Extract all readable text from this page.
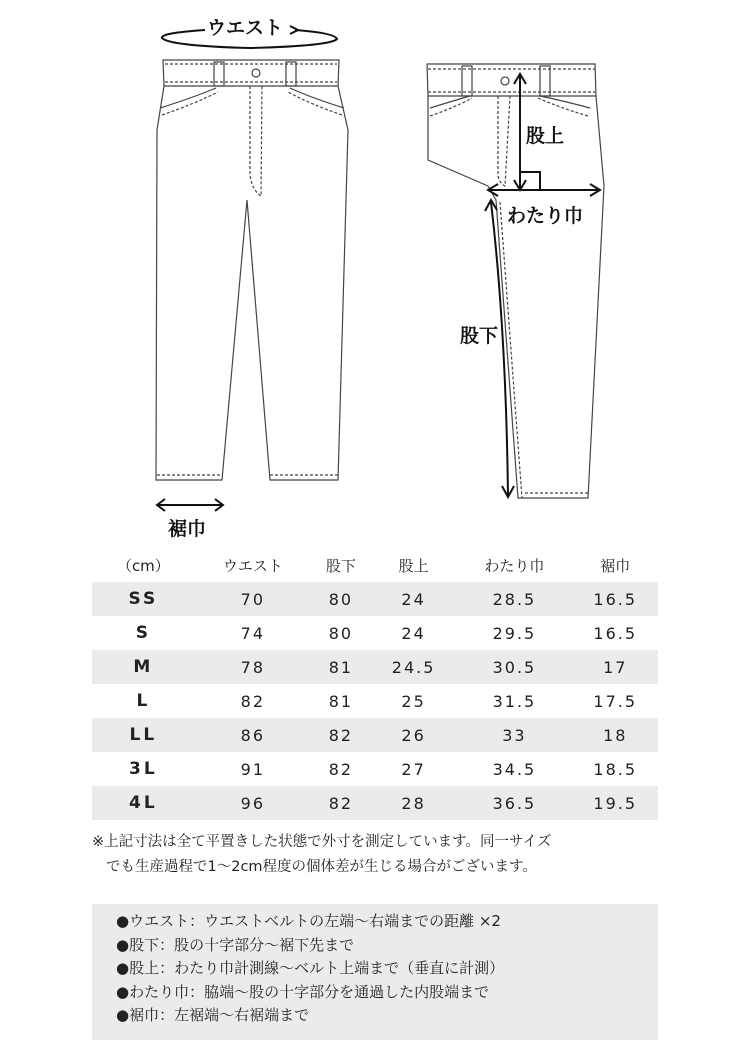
ウエスト
股上
わたり巾
股下
裾巾
（cm）	ウエスト	股下	股上	わたり巾	裾巾
SS	70	80	24	28.5	16.5
S	74	80	24	29.5	16.5
M	78	81	24.5	30.5	17
L	82	81	25	31.5	17.5
LL	86	82	26	33	18
3L	91	82	27	34.5	18.5
4L	96	82	28	36.5	19.5
※上記寸法は全て平置きした状態で外寸を測定しています。同一サイズ
でも生産過程で1〜2cm程度の個体差が生じる場合がございます。
●ウエスト：ウエストベルトの左端〜右端までの距離 ×2
●股下：股の十字部分〜裾下先まで
●股上：わたり巾計測線〜ベルト上端まで（垂直に計測）
●わたり巾：脇端〜股の十字部分を通過した内股端まで
●裾巾：左裾端〜右裾端まで
